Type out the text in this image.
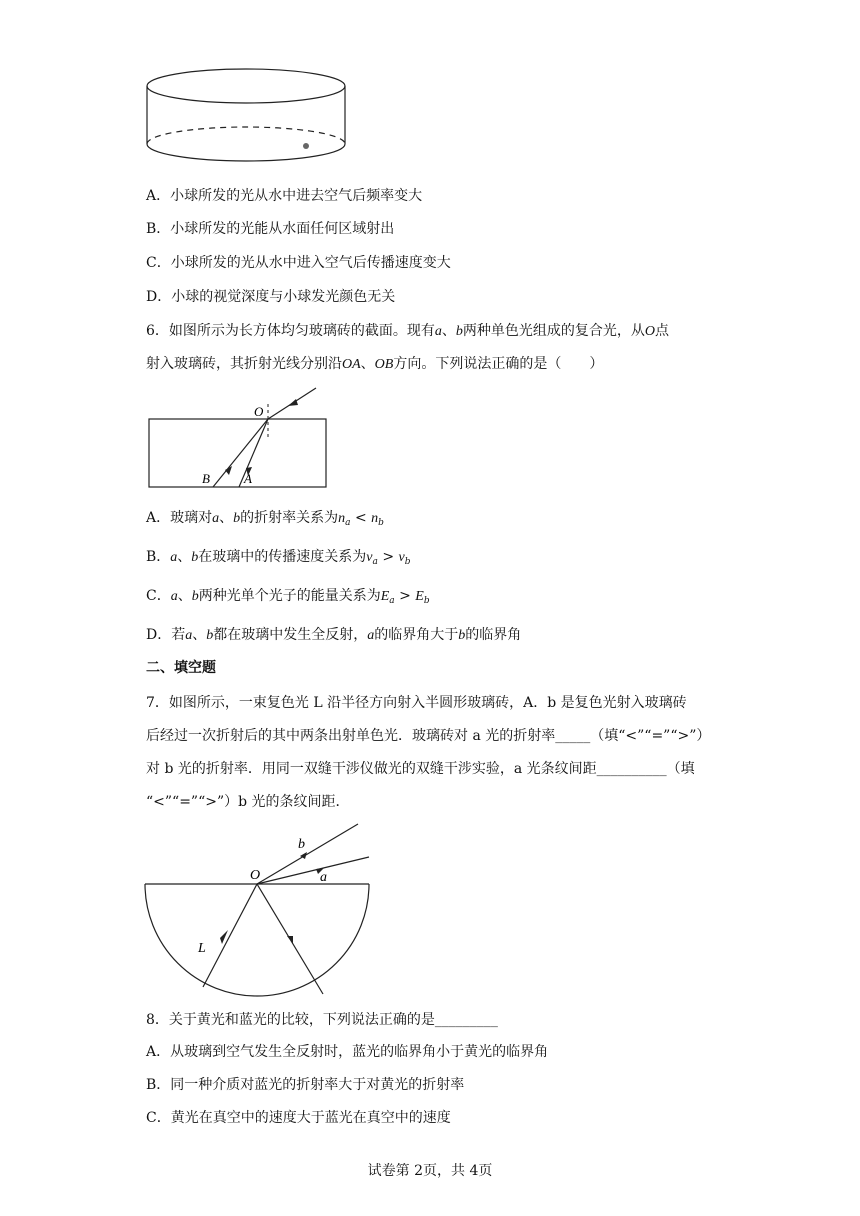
A．小球所发的光从水中进去空气后频率变大
B．小球所发的光能从水面任何区域射出
C．小球所发的光从水中进入空气后传播速度变大
D．小球的视觉深度与小球发光颜色无关
6．如图所示为长方体均匀玻璃砖的截面。现有a、b两种单色光组成的复合光，从O点
射入玻璃砖，其折射光线分别沿OA、OB方向。下列说法正确的是（　　）
O
B	A
A．玻璃对a、b的折射率关系为$n_a < n_b$
B．a、b在玻璃中的传播速度关系为$v_a > v_b$
C．a、b两种光单个光子的能量关系为$E_a > E_b$
D．若a、b都在玻璃中发生全反射，a的临界角大于b的临界角
二、填空题
7．如图所示，一束复色光 L 沿半径方向射入半圆形玻璃砖，A．b 是复色光射入玻璃砖
后经过一次折射后的其中两条出射单色光．玻璃砖对 a 光的折射率_____（填“<”“=”“>”）
对 b 光的折射率．用同一双缝干涉仪做光的双缝干涉实验，a 光条纹间距__________（填
“<”“=”“>”）b 光的条纹间距．
b
O	a
L
8．关于黄光和蓝光的比较，下列说法正确的是_________
A．从玻璃到空气发生全反射时，蓝光的临界角小于黄光的临界角
B．同一种介质对蓝光的折射率大于对黄光的折射率
C．黄光在真空中的速度大于蓝光在真空中的速度
试卷第 2页，共 4页
